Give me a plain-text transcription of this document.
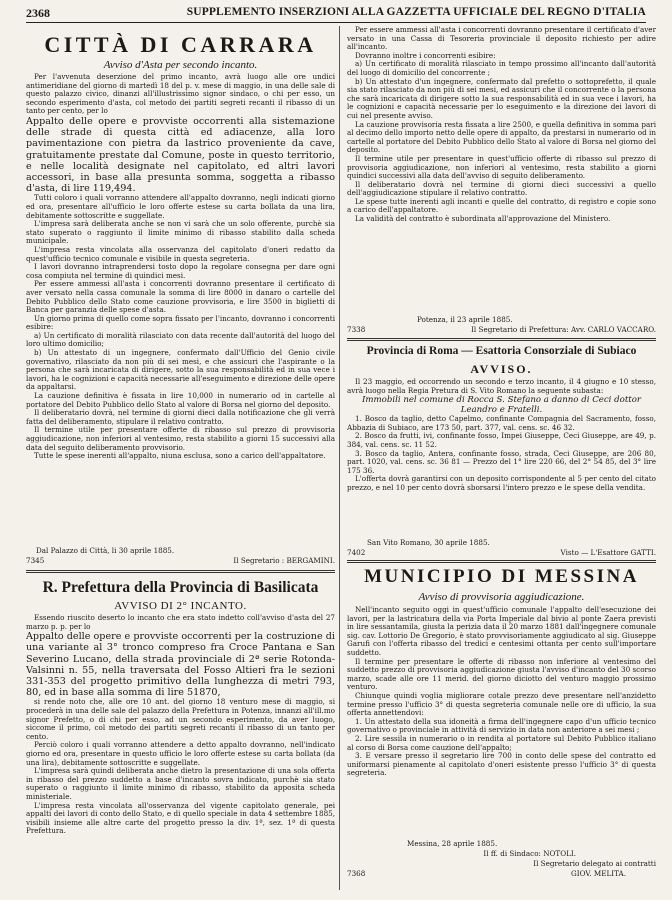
2368	SUPPLEMENTO INSERZIONI ALLA GAZZETTA UFFICIALE DEL REGNO D'ITALIA
CITTÀ DI CARRARA
Avviso d'Asta per secondo incanto.

Per l'avvenuta deserzione del primo incanto, avrà luogo alle ore undici antimeridiane del giorno di martedì 18 del p. v. mese di maggio, in una delle sale di questo palazzo civico, dinanzi all'illustrissimo signor sindaco, o chi per esso, un secondo esperimento d'asta, col metodo dei partiti segreti recanti il ribasso di un tanto per cento, per lo

Appalto delle opere e provviste occorrenti alla sistemazione delle strade di questa città ed adiacenze, alla loro pavimentazione con pietra da lastrico proveniente da cave, gratuitamente prestate dal Comune, poste in questo territorio, e nelle località designate nel capitolato, ed altri lavori accessori, in base alla presunta somma, soggetta a ribasso d'asta, di lire 119,494.

Tutti coloro i quali vorranno attendere all'appalto dovranno, negli indicati giorno ed ora, presentare all'ufficio le loro offerte estese su carta bollata da una lira, debitamente sottoscritte e suggellate.

L'impresa sarà deliberata anche se non vi sarà che un solo offerente, purchè sia stato superato o raggiunto il limite minimo di ribasso stabilito dalla scheda municipale.

L'impresa resta vincolata alla osservanza del capitolato d'oneri redatto da quest'ufficio tecnico comunale e visibile in questa segreteria.

I lavori dovranno intraprendersi tosto dopo la regolare consegna per dare ogni cosa compiuta nel termine di quindici mesi.

Per essere ammessi all'asta i concorrenti dovranno presentare il certificato di aver versato nella cassa comunale la somma di lire 8000 in danaro o cartelle del Debito Pubblico dello Stato come cauzione provvisoria, e lire 3500 in biglietti di Banca per garanzia delle spese d'asta.

Un giorno prima di quello come sopra fissato per l'incanto, dovranno i concorrenti esibire:

a) Un certificato di moralità rilasciato con data recente dall'autorità del luogo del loro ultimo domicilio;

b) Un attestato di un ingegnere, confermato dall'Ufficio del Genio civile governativo, rilasciato da non più di sei mesi, e che assicuri che l'aspirante o la persona che sarà incaricata di dirigere, sotto la sua responsabilità ed in sua vece i lavori, ha le cognizioni e capacità necessarie all'eseguimento e direzione delle opere da appaltarsi.

La cauzione definitiva è fissata in lire 10,000 in numerario od in cartelle al portatore del Debito Pubblico dello Stato al valore di Borsa nel giorno del deposito.

Il deliberatario dovrà, nel termine di giorni dieci dalla notificazione che gli verrà fatta del deliberamento, stipulare il relativo contratto.

Il termine utile per presentare offerte di ribasso sul prezzo di provvisoria aggiudicazione, non inferiori al ventesimo, resta stabilito a giorni 15 successivi alla data del seguito deliberamento provvisorio.

Tutte le spese inerenti all'appalto, niuna esclusa, sono a carico dell'appaltatore.

Dal Palazzo di Città, li 30 aprile 1885.
7345	Il Segretario : BERGAMINI.
R. Prefettura della Provincia di Basilicata
AVVISO DI 2° INCANTO.

Essendo riuscito deserto lo incanto che era stato indetto coll'avviso d'asta del 27 marzo p. p. per lo

Appalto delle opere e provviste occorrenti per la costruzione di una variante al 3° tronco compreso fra Croce Pantana e San Severino Lucano, della strada provinciale di 2ª serie Rotonda-Valsinni n. 55, nella traversata del Fosso Altieri fra le sezioni 331-353 del progetto primitivo della lunghezza di metri 793, 80, ed in base alla somma di lire 51870,

si rende noto che, alle ore 10 ant. del giorno 18 venturo mese di maggio, si procederà in una delle sale del palazzo della Prefettura in Potenza, innanzi all'ill.mo signor Prefetto, o di chi per esso, ad un secondo esperimento, da aver luogo, siccome il primo, col metodo dei partiti segreti recanti il ribasso di un tanto per cento.

Perciò coloro i quali vorranno attendere a detto appalto dovranno, nell'indicato giorno ed ora, presentare in questo ufficio le loro offerte estese su carta bollata (da una lira), debitamente sottoscritte e suggellate.

L'impresa sarà quindi deliberata anche dietro la presentazione di una sola offerta in ribasso del prezzo suddetto a base d'incanto sovra indicato, purchè sia stato superato o raggiunto il limite minimo di ribasso, stabilito da apposita scheda ministeriale.

L'impresa resta vincolata all'osservanza del vigente capitolato generale, pei appalti dei lavori di conto dello Stato, e di quello speciale in data 4 settembre 1885, visibili insieme alle altre carte del progetto presso la div. 1ª, sez. 1ª di questa Prefettura.

Per essere ammessi all'asta i concorrenti dovranno presentare il certificato d'aver versato in una Cassa di Tesoreria provinciale il deposito richiesto per adire all'incanto.

Dovranno inoltre i concorrenti esibire:

a) Un certificato di moralità rilasciato in tempo prossimo all'incanto dall'autorità del luogo di domicilio del concorrente ;

b) Un attestato d'un ingegnere, confermato dal prefetto o sottoprefetto, il quale sia stato rilasciato da non più di sei mesi, ed assicuri che il concorrente o la persona che sarà incaricata di dirigere sotto la sua responsabilità ed in sua vece i lavori, ha le cognizioni e capacità necessarie per lo eseguimento e la direzione dei lavori di cui nel presente avviso.

La cauzione provvisoria resta fissata a lire 2500, e quella definitiva in somma pari al decimo dello importo netto delle opere di appalto, da prestarsi in numerario od in cartelle al portatore del Debito Pubblico dello Stato al valore di Borsa nel giorno del deposito.

Il termine utile per presentare in quest'ufficio offerte di ribasso sul prezzo di provvisoria aggiudicazione, non inferiori al ventesimo, resta stabilito a giorni quindici successivi alla data dell'avviso di seguito deliberamento.

Il deliberatario dovrà nel termine di giorni dieci successivi a quello dell'aggiudicazione stipulare il relativo contratto.

Le spese tutte inerenti agli incanti e quelle del contratto, di registro e copie sono a carico dell'appaltatore.

La validità del contratto è subordinata all'approvazione del Ministero.

Potenza, il 23 aprile 1885.
7338	Il Segretario di Prefettura: Avv. CARLO VACCARO.
Provincia di Roma — Esattoria Consorziale di Subiaco
AVVISO.

Il 23 maggio, ed occorrendo un secondo e terzo incanto, il 4 giugno e 10 stesso, avrà luogo nella Regia Pretura di S. Vito Romano la seguente subasta:

Immobili nel comune di Rocca S. Stefano a danno di Ceci dottor Leandro e Fratelli.

1. Bosco da taglio, detto Capelmo, confinante Compagnia del Sacramento, fosso, Abbazia di Subiaco, are 173 50, part. 377, val. cens. sc. 46 32.

2. Bosco da frutti, ivi, confinante fosso, Impei Giuseppe, Ceci Giuseppe, are 49, p. 384, val. cens. sc. 11 52.

3. Bosco da taglio, Antera, confinante fosso, strada, Ceci Giuseppe, are 206 80, part. 1020, val. cens. sc. 36 81 — Prezzo del 1° lire 220 66, del 2° 54 85, del 3° lire 175 36.

L'offerta dovrà garantirsi con un deposito corrispondente al 5 per cento del citato prezzo, e nel 10 per cento dovrà sborsarsi l'intero prezzo e le spese della vendita.

San Vito Romano, 30 aprile 1885.
7402	Visto — L'Esattore GATTI.
MUNICIPIO DI MESSINA
Avviso di provvisoria aggiudicazione.

Nell'incanto seguito oggi in quest'ufficio comunale l'appalto dell'esecuzione dei lavori, per la lastricatura della via Porta Imperiale dal bivio al ponte Zaera previsti in lire sessantamila, giusta la perizia data il 20 marzo 1881 dall'ingegnere comunale sig. cav. Lottorio De Gregorio, è stato provvisoriamente aggiudicato al sig. Giuseppe Garufi con l'offerta ribasso del tredici e centesimi ottanta per cento sull'importare suddetto.

Il termine per presentare le offerte di ribasso non inferiore al ventesimo del suddetto prezzo di provvisoria aggiudicazione giusta l'avviso d'incanto del 30 scorso marzo, scade alle ore 11 merid. del giorno diciotto del venturo maggio prossimo venturo.

Chiunque quindi voglia migliorare cotale prezzo deve presentare nell'anzidetto termine presso l'ufficio 3° di questa segreteria comunale nelle ore di ufficio, la sua offerta annettendovi:

1. Un attestato della sua idoneità a firma dell'ingegnere capo d'un ufficio tecnico governativo o provinciale in attività di servizio in data non anteriore a sei mesi ;

2. Lire sessila in numerario o in rendita al portatore sul Debito Pubblico italiano al corso di Borsa come cauzione dell'appalto;

3. E versare presso il segretario lire 700 in conto delle spese del contratto ed uniformarsi pienamente al capitolato d'oneri esistente presso l'ufficio 3° di questa segreteria.

Messina, 28 aprile 1885.
Il ff. di Sindaco: NOTOLI.
Il Segretario delegato ai contratti
7368	GIOV. MELITA.
